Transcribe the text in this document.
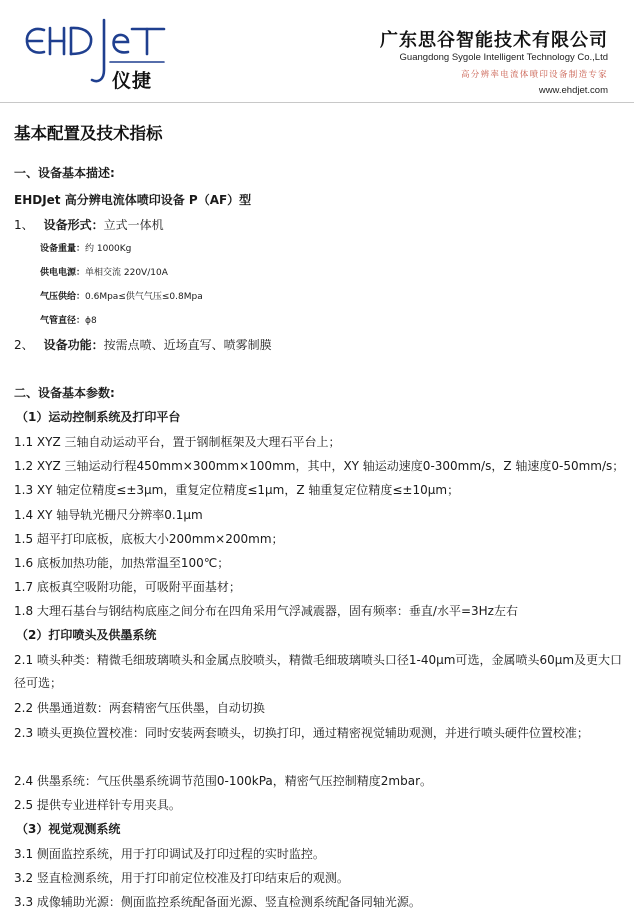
仪捷
广东思谷智能技术有限公司
Guangdong Sygole Intelligent Technology Co.,Ltd
高分辨率电流体喷印设备制造专家
www.ehdjet.com
基本配置及技术指标
一、设备基本描述:
EHDJet 高分辨电流体喷印设备 P（AF）型
1、 设备形式：立式一体机
设备重量：约 1000Kg
供电电源：单相交流 220V/10A
气压供给：0.6Mpa≤供气气压≤0.8Mpa
气管直径：ϕ8
2、 设备功能：按需点喷、近场直写、喷雾制膜
二、设备基本参数:
（1）运动控制系统及打印平台
1.1 XYZ 三轴自动运动平台，置于钢制框架及大理石平台上；
1.2 XYZ 三轴运动行程450mm×300mm×100mm，其中，XY 轴运动速度0-300mm/s，Z 轴速度0-50mm/s；
1.3 XY 轴定位精度≤±3μm，重复定位精度≤1μm，Z 轴重复定位精度≤±10μm；
1.4 XY 轴导轨光栅尺分辨率0.1μm
1.5 超平打印底板，底板大小200mm×200mm；
1.6 底板加热功能，加热常温至100℃；
1.7 底板真空吸附功能，可吸附平面基材；
1.8 大理石基台与钢结构底座之间分布在四角采用气浮减震器，固有频率：垂直/水平=3Hz左右
（2）打印喷头及供墨系统
2.1 喷头种类：精微毛细玻璃喷头和金属点胶喷头，精微毛细玻璃喷头口径1-40μm可选，金属喷头60μm及更大口径可选；
2.2 供墨通道数：两套精密气压供墨，自动切换
2.3 喷头更换位置校准：同时安装两套喷头，切换打印，通过精密视觉辅助观测，并进行喷头硬件位置校准；
2.4 供墨系统：气压供墨系统调节范围0-100kPa，精密气压控制精度2mbar。
2.5 提供专业进样针专用夹具。
（3）视觉观测系统
3.1 侧面监控系统，用于打印调试及打印过程的实时监控。
3.2 竖直检测系统，用于打印前定位校准及打印结束后的观测。
3.3 成像辅助光源：侧面监控系统配备面光源、竖直检测系统配备同轴光源。
